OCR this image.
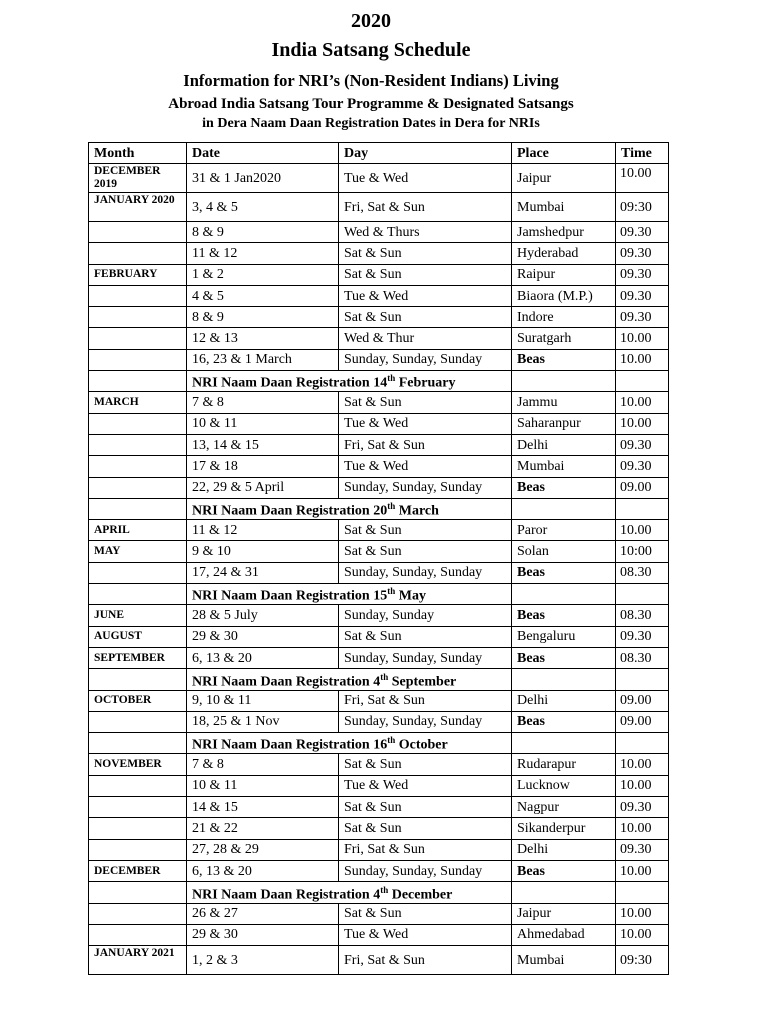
2020
India Satsang Schedule
Information for NRI’s (Non-Resident Indians) Living
Abroad India Satsang Tour Programme & Designated Satsangs
in Dera Naam Daan Registration Dates in Dera for NRIs
Month	Date	Day	Place	Time
DECEMBER 2019	31 & 1 Jan2020	Tue & Wed	Jaipur	10.00
JANUARY 2020	3, 4 & 5	Fri, Sat & Sun	Mumbai	09:30
	8 & 9	Wed & Thurs	Jamshedpur	09.30
	11 & 12	Sat & Sun	Hyderabad	09.30
FEBRUARY	1 & 2	Sat & Sun	Raipur	09.30
	4 & 5	Tue & Wed	Biaora (M.P.)	09.30
	8 & 9	Sat & Sun	Indore	09.30
	12 & 13	Wed & Thur	Suratgarh	10.00
	16, 23 & 1 March	Sunday, Sunday, Sunday	Beas	10.00
	NRI Naam Daan Registration 14th February			
MARCH	7 & 8	Sat & Sun	Jammu	10.00
	10 & 11	Tue & Wed	Saharanpur	10.00
	13, 14 & 15	Fri, Sat & Sun	Delhi	09.30
	17 & 18	Tue & Wed	Mumbai	09.30
	22, 29 & 5 April	Sunday, Sunday, Sunday	Beas	09.00
	NRI Naam Daan Registration 20th March			
APRIL	11 & 12	Sat & Sun	Paror	10.00
MAY	9 & 10	Sat & Sun	Solan	10:00
	17, 24 & 31	Sunday, Sunday, Sunday	Beas	08.30
	NRI Naam Daan Registration 15th May			
JUNE	28 & 5 July	Sunday, Sunday	Beas	08.30
AUGUST	29 & 30	Sat & Sun	Bengaluru	09.30
SEPTEMBER	6, 13 & 20	Sunday, Sunday, Sunday	Beas	08.30
	NRI Naam Daan Registration 4th September			
OCTOBER	9, 10 & 11	Fri, Sat & Sun	Delhi	09.00
	18, 25 & 1 Nov	Sunday, Sunday, Sunday	Beas	09.00
	NRI Naam Daan Registration 16th October			
NOVEMBER	7 & 8	Sat & Sun	Rudarapur	10.00
	10 & 11	Tue & Wed	Lucknow	10.00
	14 & 15	Sat & Sun	Nagpur	09.30
	21 & 22	Sat & Sun	Sikanderpur	10.00
	27, 28 & 29	Fri, Sat & Sun	Delhi	09.30
DECEMBER	6, 13 & 20	Sunday, Sunday, Sunday	Beas	10.00
	NRI Naam Daan Registration 4th December			
	26 & 27	Sat & Sun	Jaipur	10.00
	29 & 30	Tue & Wed	Ahmedabad	10.00
JANUARY 2021	1, 2 & 3	Fri, Sat & Sun	Mumbai	09:30
